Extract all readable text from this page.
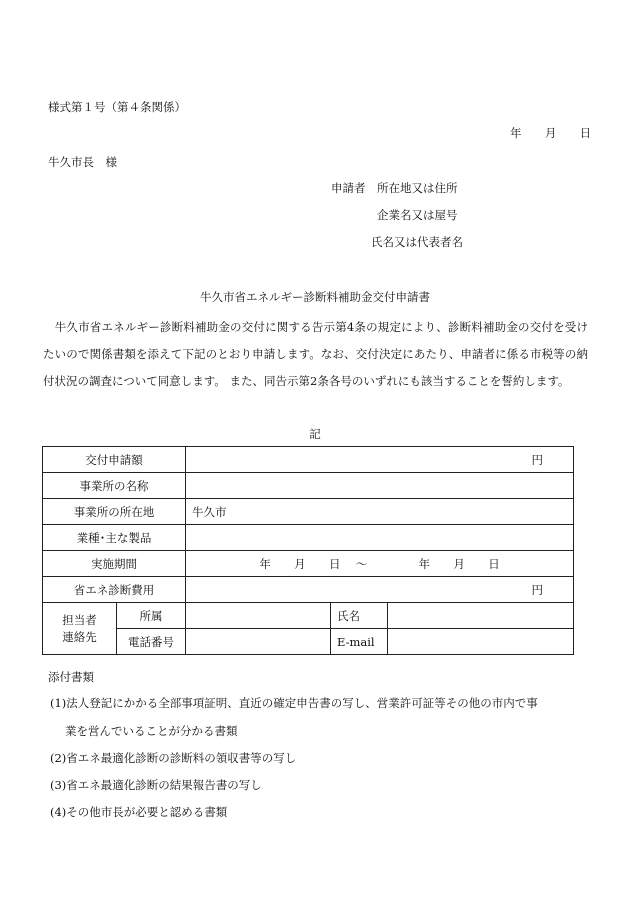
様式第１号（第４条関係）
年 月 日
牛久市長　様
申請者　所在地又は住所
企業名又は屋号
氏名又は代表者名
牛久市省エネルギー診断料補助金交付申請書
　牛久市省エネルギー診断料補助金の交付に関する告示第4条の規定により、診断料補助金の交付を受けたいので関係書類を添えて下記のとおり申請します。なお、交付決定にあたり、申請者に係る市税等の納付状況の調査について同意します。 また、同告示第2条各号のいずれにも該当することを誓約します。
記
交付申請額		円		
事業所の名称				
事業所の所在地		牛久市		
業種･主な製品				
実施期間		年 月 日 ～ 年 月 日		
省エネ診断費用		円		

担当者
連絡先	所属		氏名	
	電話番号		E-mail	
添付書類
(1)法人登記にかかる全部事項証明、直近の確定申告書の写し、営業許可証等その他の市内で事
業を営んでいることが分かる書類
(2)省エネ最適化診断の診断料の領収書等の写し
(3)省エネ最適化診断の結果報告書の写し
(4)その他市長が必要と認める書類
